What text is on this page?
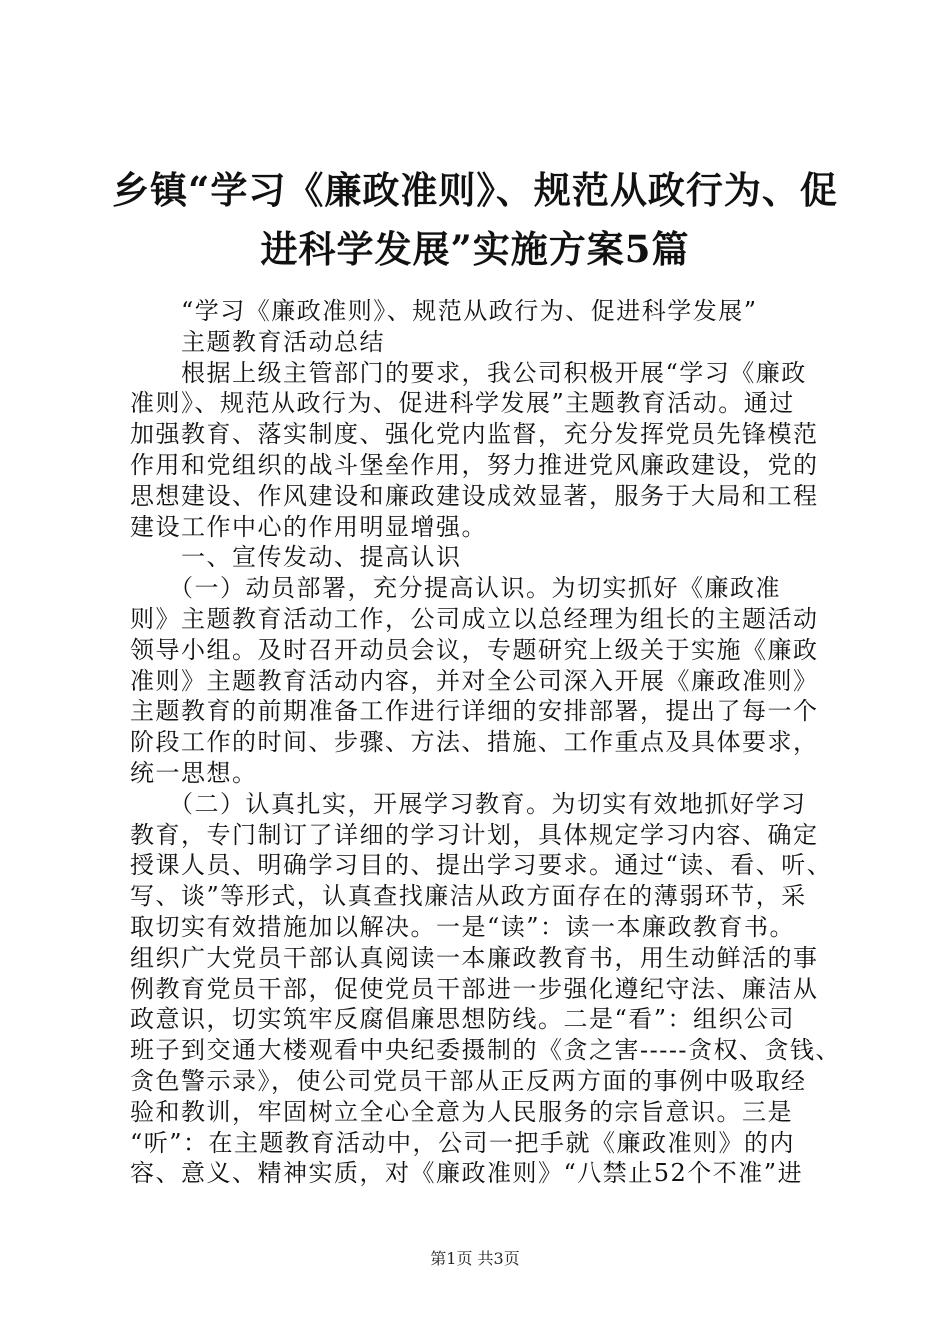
乡镇“学习《廉政准则》、规范从政行为、促
进科学发展”实施方案5篇
　　“学习《廉政准则》、规范从政行为、促进科学发展”
　　主题教育活动总结
　　根据上级主管部门的要求，我公司积极开展“学习《廉政
准则》、规范从政行为、促进科学发展”主题教育活动。通过
加强教育、落实制度、强化党内监督，充分发挥党员先锋模范
作用和党组织的战斗堡垒作用，努力推进党风廉政建设，党的
思想建设、作风建设和廉政建设成效显著，服务于大局和工程
建设工作中心的作用明显增强。
　　一、宣传发动、提高认识
　　（一）动员部署，充分提高认识。为切实抓好《廉政准
则》主题教育活动工作，公司成立以总经理为组长的主题活动
领导小组。及时召开动员会议，专题研究上级关于实施《廉政
准则》主题教育活动内容，并对全公司深入开展《廉政准则》
主题教育的前期准备工作进行详细的安排部署，提出了每一个
阶段工作的时间、步骤、方法、措施、工作重点及具体要求，
统一思想。
　　（二）认真扎实，开展学习教育。为切实有效地抓好学习
教育，专门制订了详细的学习计划，具体规定学习内容、确定
授课人员、明确学习目的、提出学习要求。通过“读、看、听、
写、谈”等形式，认真查找廉洁从政方面存在的薄弱环节，采
取切实有效措施加以解决。一是“读”：读一本廉政教育书。
组织广大党员干部认真阅读一本廉政教育书，用生动鲜活的事
例教育党员干部，促使党员干部进一步强化遵纪守法、廉洁从
政意识，切实筑牢反腐倡廉思想防线。二是“看”：组织公司
班子到交通大楼观看中央纪委摄制的《贪之害-----贪权、贪钱、
贪色警示录》，使公司党员干部从正反两方面的事例中吸取经
验和教训，牢固树立全心全意为人民服务的宗旨意识。三是
“听”：在主题教育活动中，公司一把手就《廉政准则》的内
容、意义、精神实质，对《廉政准则》“八禁止52个不准”进
第1页 共3页
